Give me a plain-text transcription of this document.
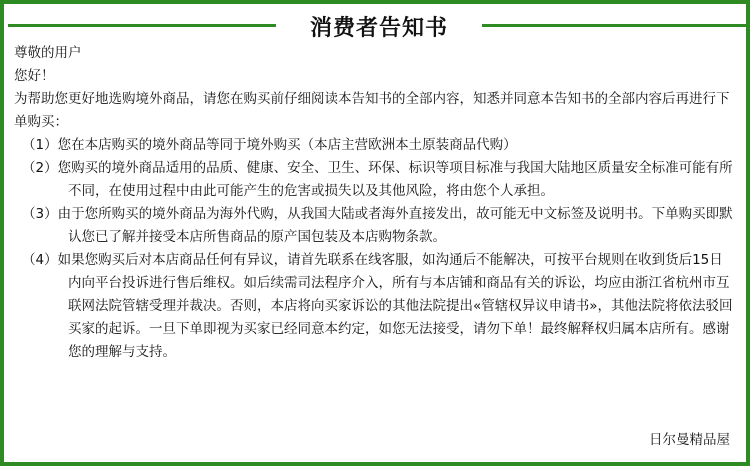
消费者告知书

尊敬的用户

您好！

为帮助您更好地选购境外商品，请您在购买前仔细阅读本告知书的全部内容，知悉并同意本告知书的全部内容后再进行下单购买：

（1）您在本店购买的境外商品等同于境外购买（本店主营欧洲本土原装商品代购）

（2）您购买的境外商品适用的品质、健康、安全、卫生、环保、标识等项目标准与我国大陆地区质量安全标准可能有所不同，在使用过程中由此可能产生的危害或损失以及其他风险，将由您个人承担。

（3）由于您所购买的境外商品为海外代购，从我国大陆或者海外直接发出，故可能无中文标签及说明书。下单购买即默认您已了解并接受本店所售商品的原产国包装及本店购物条款。

（4）如果您购买后对本店商品任何有异议，请首先联系在线客服，如沟通后不能解决，可按平台规则在收到货后15日内向平台投诉进行售后维权。如后续需司法程序介入，所有与本店铺和商品有关的诉讼，均应由浙江省杭州市互联网法院管辖受理并裁决。否则，本店将向买家诉讼的其他法院提出«管辖权异议申请书»，其他法院将依法驳回买家的起诉。一旦下单即视为买家已经同意本约定，如您无法接受，请勿下单！最终解释权归属本店所有。感谢您的理解与支持。

日尔曼精品屋
